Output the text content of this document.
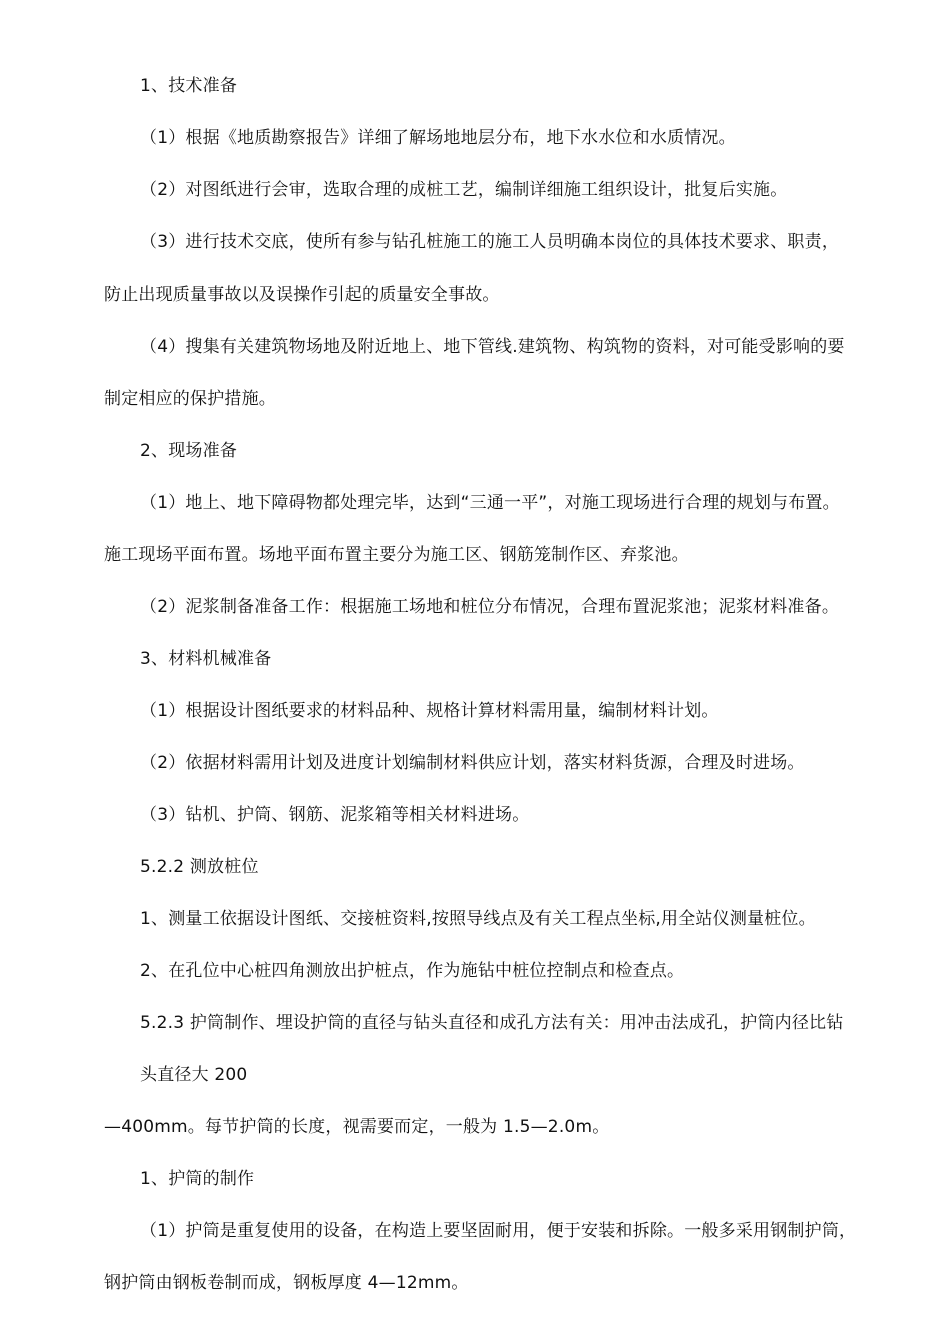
1、技术准备
（1）根据《地质勘察报告》详细了解场地地层分布，地下水水位和水质情况。
（2）对图纸进行会审，选取合理的成桩工艺，编制详细施工组织设计，批复后实施。
（3）进行技术交底，使所有参与钻孔桩施工的施工人员明确本岗位的具体技术要求、职责，
防止出现质量事故以及误操作引起的质量安全事故。
（4）搜集有关建筑物场地及附近地上、地下管线.建筑物、构筑物的资料，对可能受影响的要
制定相应的保护措施。
2、现场准备
（1）地上、地下障碍物都处理完毕，达到“三通一平”，对施工现场进行合理的规划与布置。
施工现场平面布置。场地平面布置主要分为施工区、钢筋笼制作区、弃浆池。
（2）泥浆制备准备工作：根据施工场地和桩位分布情况，合理布置泥浆池；泥浆材料准备。
3、材料机械准备
（1）根据设计图纸要求的材料品种、规格计算材料需用量，编制材料计划。
（2）依据材料需用计划及进度计划编制材料供应计划，落实材料货源，合理及时进场。
（3）钻机、护筒、钢筋、泥浆箱等相关材料进场。
5.2.2 测放桩位
1、测量工依据设计图纸、交接桩资料,按照导线点及有关工程点坐标,用全站仪测量桩位。
2、在孔位中心桩四角测放出护桩点，作为施钻中桩位控制点和检查点。
5.2.3 护筒制作、埋设护筒的直径与钻头直径和成孔方法有关：用冲击法成孔，护筒内径比钻
头直径大 200
—400mm。每节护筒的长度，视需要而定，一般为 1.5—2.0m。
1、护筒的制作
（1）护筒是重复使用的设备，在构造上要坚固耐用，便于安装和拆除。一般多采用钢制护筒，
钢护筒由钢板卷制而成，钢板厚度 4—12mm。
